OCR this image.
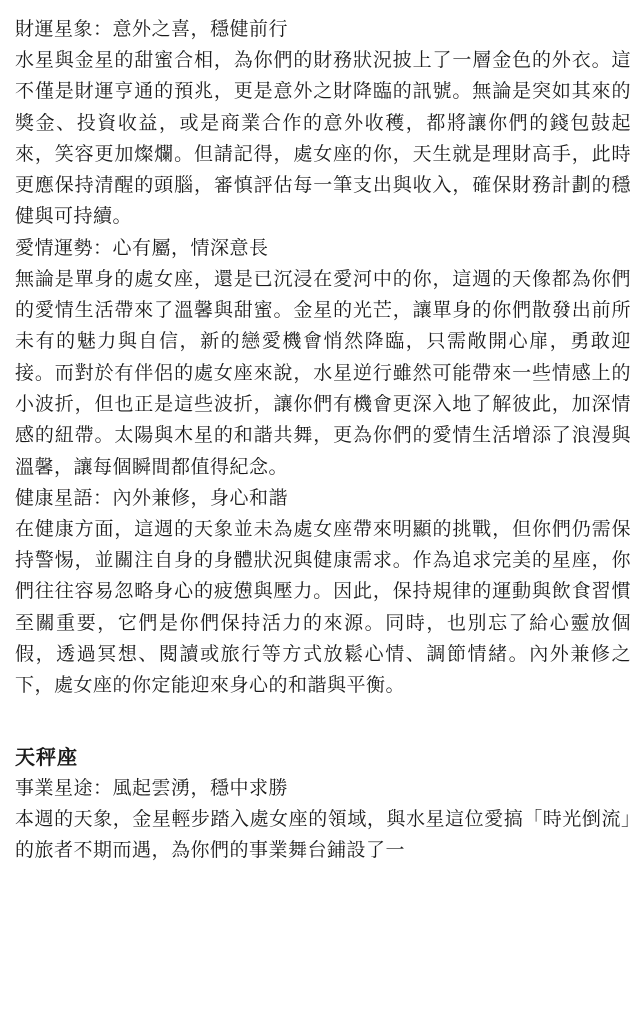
財運星象：意外之喜，穩健前行

水星與金星的甜蜜合相，為你們的財務狀況披上了一層金色的外衣。這不僅是財運亨通的預兆，更是意外之財降臨的訊號。無論是突如其來的獎金、投資收益，或是商業合作的意外收穫，都將讓你們的錢包鼓起來，笑容更加燦爛。但請記得，處女座的你，天生就是理財高手，此時更應保持清醒的頭腦，審慎評估每一筆支出與收入，確保財務計劃的穩健與可持續。

愛情運勢：心有屬，情深意長

無論是單身的處女座，還是已沉浸在愛河中的你，這週的天像都為你們的愛情生活帶來了溫馨與甜蜜。金星的光芒，讓單身的你們散發出前所未有的魅力與自信，新的戀愛機會悄然降臨，只需敞開心扉，勇敢迎接。而對於有伴侶的處女座來說，水星逆行雖然可能帶來一些情感上的小波折，但也正是這些波折，讓你們有機會更深入地了解彼此，加深情感的紐帶。太陽與木星的和諧共舞，更為你們的愛情生活增添了浪漫與溫馨，讓每個瞬間都值得紀念。

健康星語：內外兼修，身心和諧

在健康方面，這週的天象並未為處女座帶來明顯的挑戰，但你們仍需保持警惕，並關注自身的身體狀況與健康需求。作為追求完美的星座，你們往往容易忽略身心的疲憊與壓力。因此，保持規律的運動與飲食習慣至關重要，它們是你們保持活力的來源。同時，也別忘了給心靈放個假，透過冥想、閱讀或旅行等方式放鬆心情、調節情緒。內外兼修之下，處女座的你定能迎來身心的和諧與平衡。

天秤座

事業星途：風起雲湧，穩中求勝

本週的天象，金星輕步踏入處女座的領域，與水星這位愛搞「時光倒流」的旅者不期而遇，為你們的事業舞台鋪設了一
